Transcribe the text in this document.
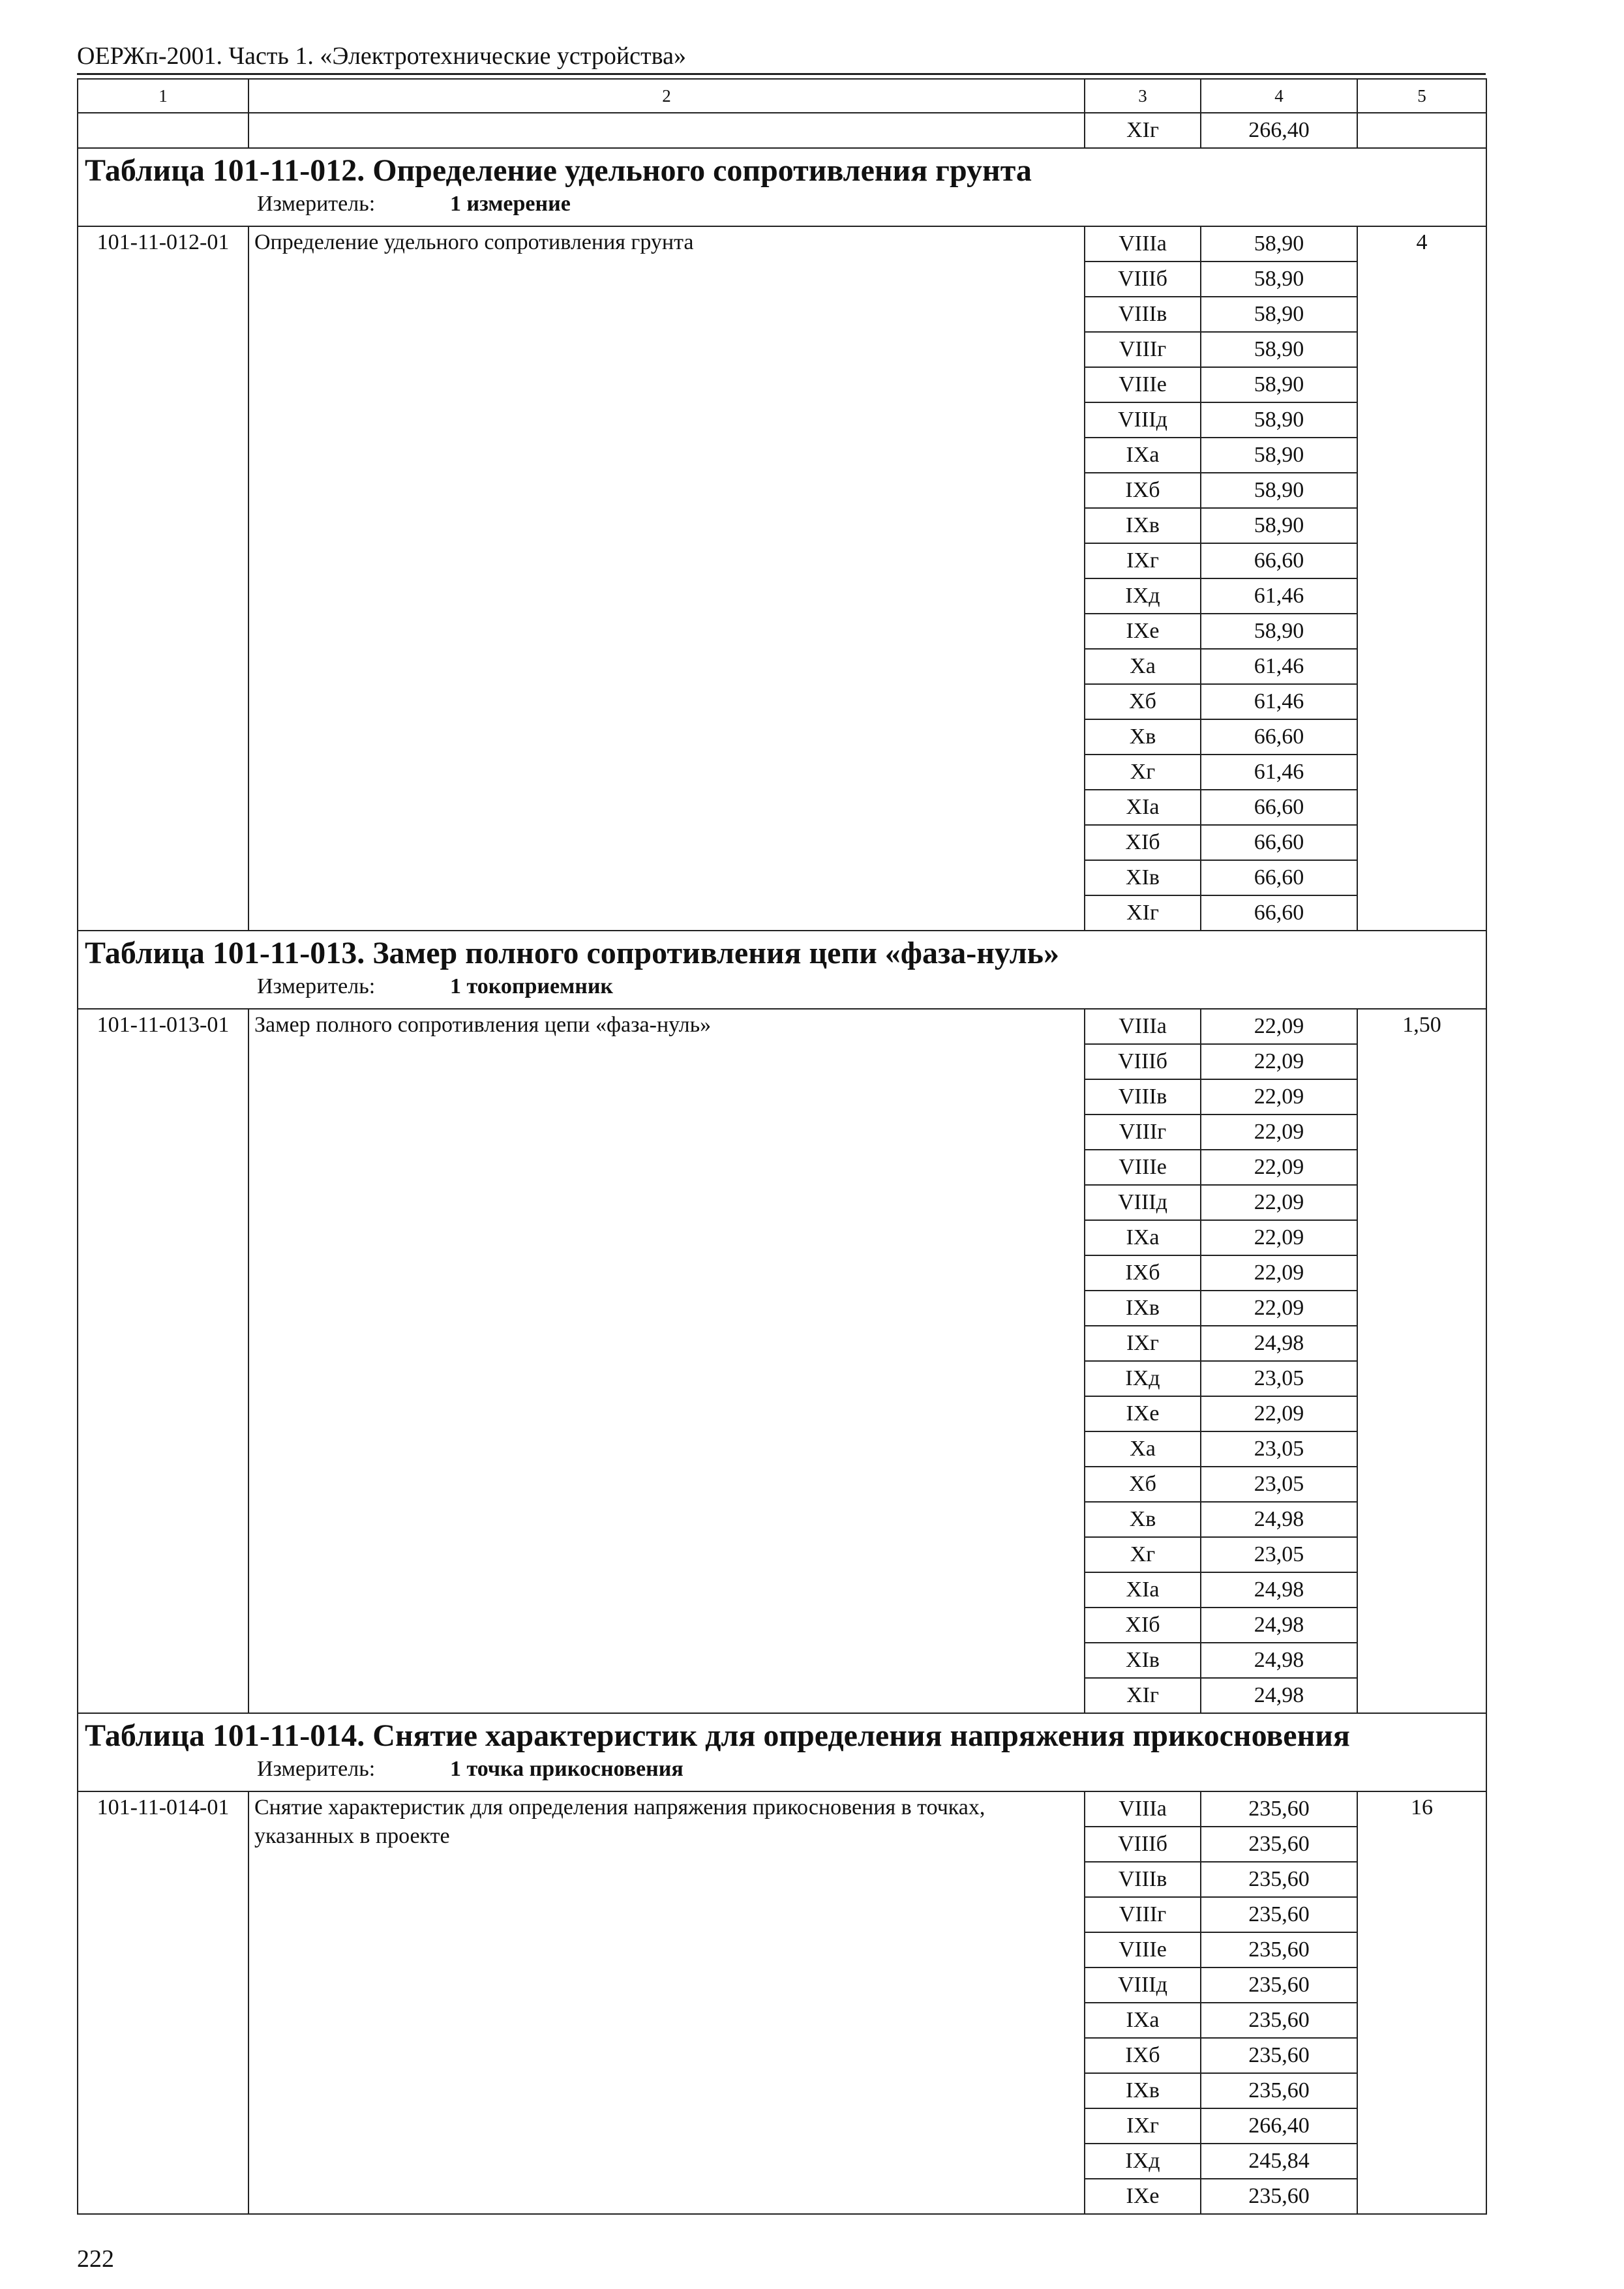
ОЕРЖп-2001. Часть 1. «Электротехнические устройства»
1	2	3	4	5
		XIг	266,40	

Таблица 101-11-012. Определение удельного сопротивления грунта
Измеритель: 1 измерение				

101-11-012-01	Определение удельного сопротивления грунта	VIIIа	58,90	4
		VIIIб	58,90	
		VIIIв	58,90	
		VIIIг	58,90	
		VIIIе	58,90	
		VIIIд	58,90	
		IXа	58,90	
		IXб	58,90	
		IXв	58,90	
		IXг	66,60	
		IXд	61,46	
		IXе	58,90	
		Xа	61,46	
		Xб	61,46	
		Xв	66,60	
		Xг	61,46	
		XIа	66,60	
		XIб	66,60	
		XIв	66,60	
		XIг	66,60	

Таблица 101-11-013. Замер полного сопротивления цепи «фаза-нуль»
Измеритель: 1 токоприемник				

101-11-013-01	Замер полного сопротивления цепи «фаза-нуль»	VIIIа	22,09	1,50
		VIIIб	22,09	
		VIIIв	22,09	
		VIIIг	22,09	
		VIIIе	22,09	
		VIIIд	22,09	
		IXа	22,09	
		IXб	22,09	
		IXв	22,09	
		IXг	24,98	
		IXд	23,05	
		IXе	22,09	
		Xа	23,05	
		Xб	23,05	
		Xв	24,98	
		Xг	23,05	
		XIа	24,98	
		XIб	24,98	
		XIв	24,98	
		XIг	24,98	

Таблица 101-11-014. Снятие характеристик для определения напряжения прикосновения
Измеритель: 1 точка прикосновения				

101-11-014-01	Снятие характеристик для определения напряжения прикосновения в точках, указанных в проекте	VIIIа	235,60	16
		VIIIб	235,60	
		VIIIв	235,60	
		VIIIг	235,60	
		VIIIе	235,60	
		VIIIд	235,60	
		IXа	235,60	
		IXб	235,60	
		IXв	235,60	
		IXг	266,40	
		IXд	245,84	
		IXе	235,60	
222
